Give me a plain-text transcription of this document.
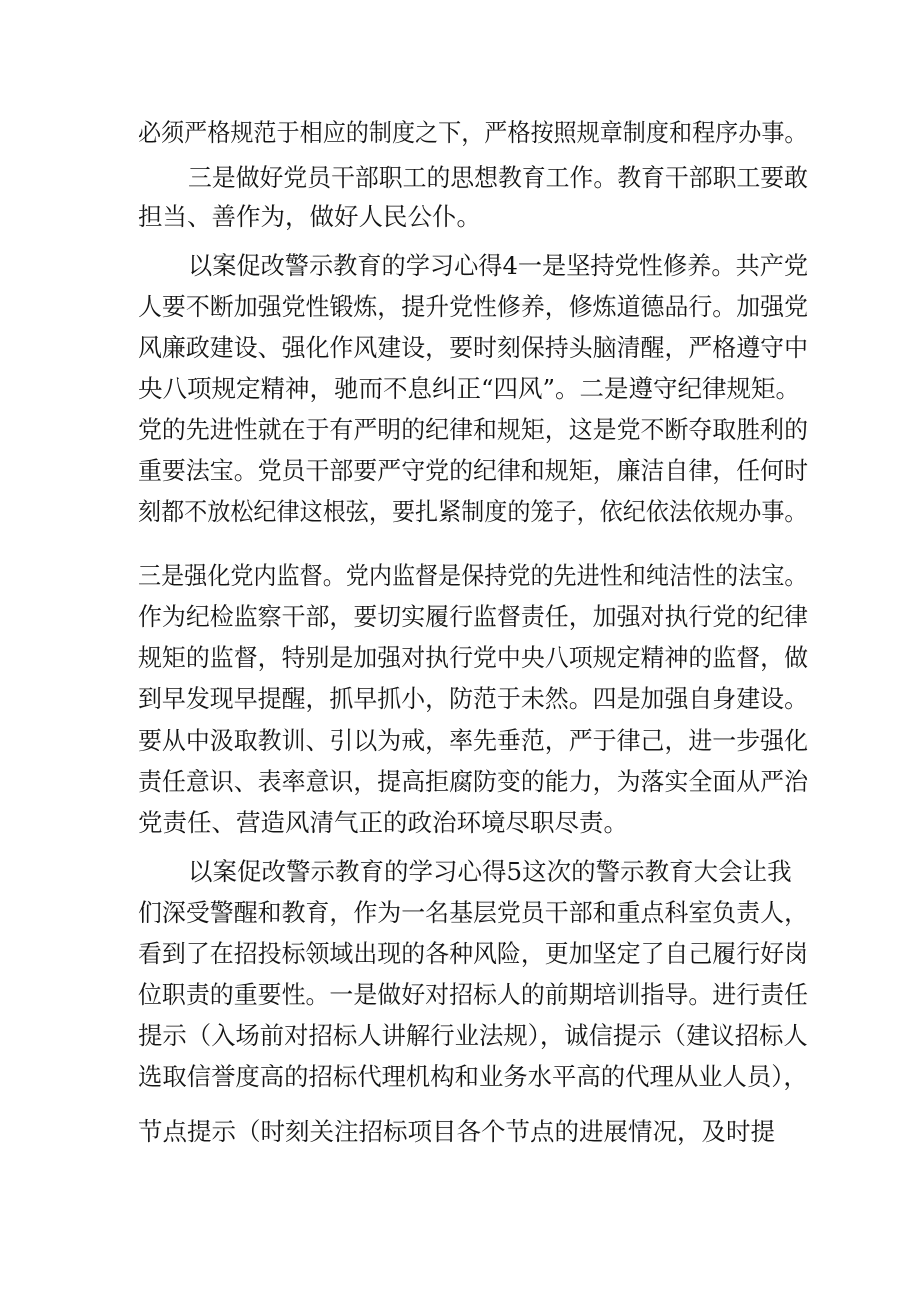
必须严格规范于相应的制度之下，严格按照规章制度和程序办事。
三是做好党员干部职工的思想教育工作。教育干部职工要敢
担当、善作为，做好人民公仆。
以案促改警示教育的学习心得4一是坚持党性修养。共产党
人要不断加强党性锻炼，提升党性修养，修炼道德品行。加强党
风廉政建设、强化作风建设，要时刻保持头脑清醒，严格遵守中
央八项规定精神，驰而不息纠正“四风”。二是遵守纪律规矩。
党的先进性就在于有严明的纪律和规矩，这是党不断夺取胜利的
重要法宝。党员干部要严守党的纪律和规矩，廉洁自律，任何时
刻都不放松纪律这根弦，要扎紧制度的笼子，依纪依法依规办事。
三是强化党内监督。党内监督是保持党的先进性和纯洁性的法宝。
作为纪检监察干部，要切实履行监督责任，加强对执行党的纪律
规矩的监督，特别是加强对执行党中央八项规定精神的监督，做
到早发现早提醒，抓早抓小，防范于未然。四是加强自身建设。
要从中汲取教训、引以为戒，率先垂范，严于律己，进一步强化
责任意识、表率意识，提高拒腐防变的能力，为落实全面从严治
党责任、营造风清气正的政治环境尽职尽责。
以案促改警示教育的学习心得5这次的警示教育大会让我
们深受警醒和教育，作为一名基层党员干部和重点科室负责人，
看到了在招投标领域出现的各种风险，更加坚定了自己履行好岗
位职责的重要性。一是做好对招标人的前期培训指导。进行责任
提示（入场前对招标人讲解行业法规），诚信提示（建议招标人
选取信誉度高的招标代理机构和业务水平高的代理从业人员），
节点提示（时刻关注招标项目各个节点的进展情况，及时提
